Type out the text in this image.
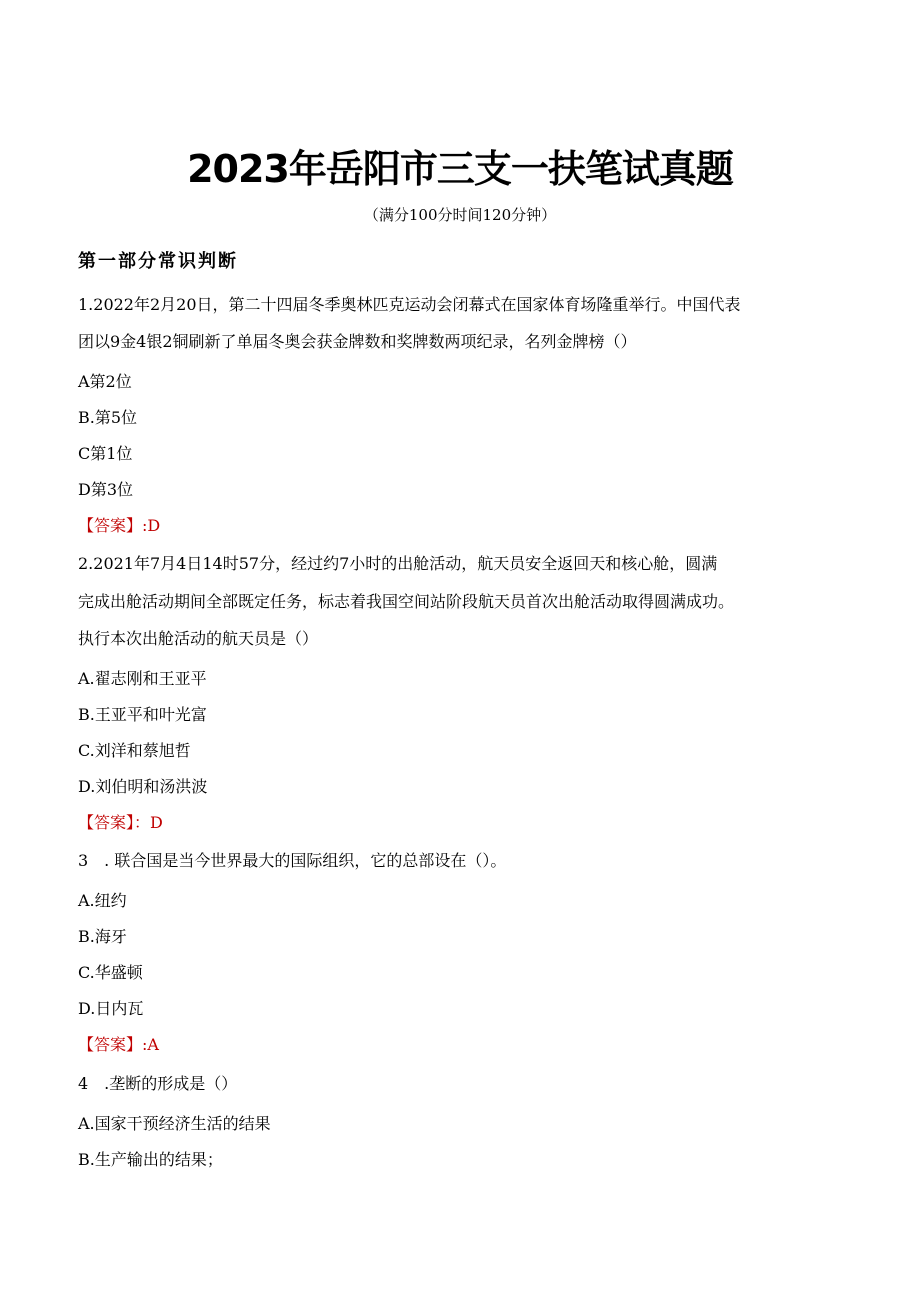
2023年岳阳市三支一扶笔试真题
（满分100分时间120分钟）
第一部分常识判断
1.2022年2月20日，第二十四届冬季奥林匹克运动会闭幕式在国家体育场隆重举行。中国代表
团以9金4银2铜刷新了单届冬奥会获金牌数和奖牌数两项纪录，名列金牌榜（）
A第2位
B.第5位
C第1位
D第3位
【答案】:D
2.2021年7月4日14时57分，经过约7小时的出舱活动，航天员安全返回天和核心舱，圆满
完成出舱活动期间全部既定任务，标志着我国空间站阶段航天员首次出舱活动取得圆满成功。
执行本次出舱活动的航天员是（）
A.翟志刚和王亚平
B.王亚平和叶光富
C.刘洋和蔡旭哲
D.刘伯明和汤洪波
【答案】：D
3　. 联合国是当今世界最大的国际组织，它的总部设在（）。
A.纽约
B.海牙
C.华盛顿
D.日内瓦
【答案】:A
4　.垄断的形成是（）
A.国家干预经济生活的结果
B.生产输出的结果；
